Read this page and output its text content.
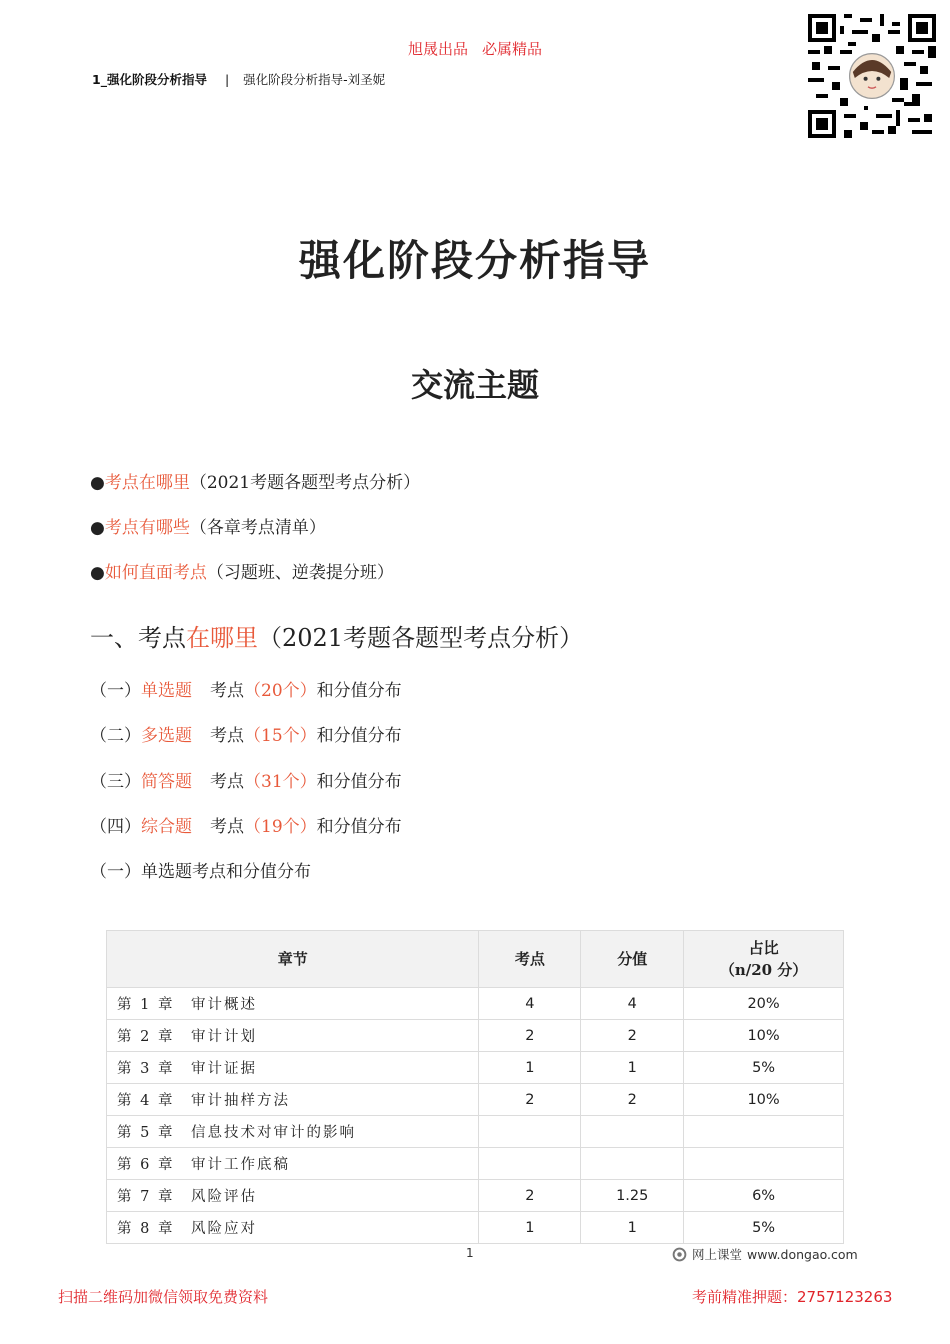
旭晟出品 必属精品
1_强化阶段分析指导 | 强化阶段分析指导-刘圣妮
强化阶段分析指导
交流主题
●考点在哪里（2021考题各题型考点分析）
●考点有哪些（各章考点清单）
●如何直面考点（习题班、逆袭提分班）
一、考点在哪里（2021考题各题型考点分析）
（一）单选题 考点（20个）和分值分布
（二）多选题 考点（15个）和分值分布
（三）简答题 考点（31个）和分值分布
（四）综合题 考点（19个）和分值分布
（一）单选题考点和分值分布
章节	考点	分值	占比
（n/20 分）

第 1 章　审计概述	4	4	20%
第 2 章　审计计划	2	2	10%
第 3 章　审计证据	1	1	5%
第 4 章　审计抽样方法	2	2	10%
第 5 章　信息技术对审计的影响			
第 6 章　审计工作底稿			
第 7 章　风险评估	2	1.25	6%
第 8 章　风险应对	1	1	5%
1	网上课堂 www.dongao.com
扫描二维码加微信领取免费资料	考前精准押题：2757123263
